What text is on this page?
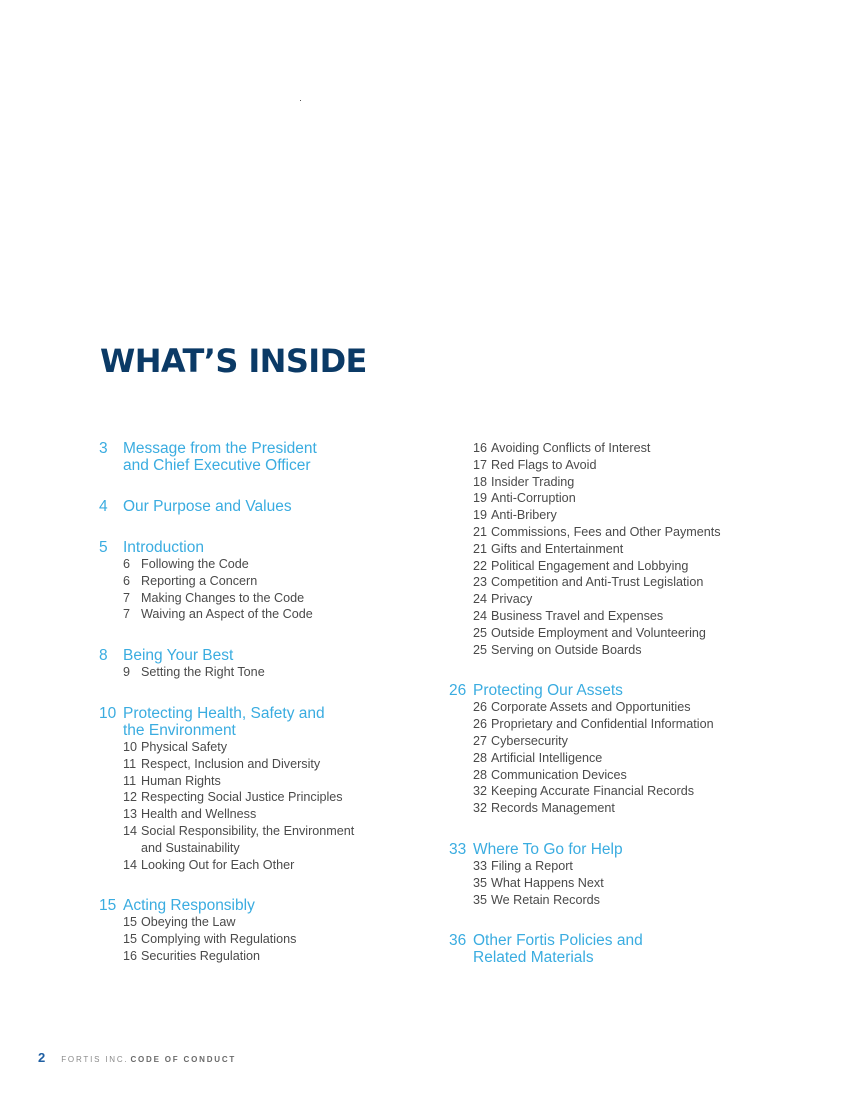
WHAT’S INSIDE
3 Message from the President
and Chief Executive Officer
4 Our Purpose and Values
5 Introduction
6 Following the Code
6 Reporting a Concern
7 Making Changes to the Code
7 Waiving an Aspect of the Code
8 Being Your Best
9 Setting the Right Tone
10 Protecting Health, Safety and
the Environment
10 Physical Safety
11 Respect, Inclusion and Diversity
11 Human Rights
12 Respecting Social Justice Principles
13 Health and Wellness
14 Social Responsibility, the Environment
and Sustainability
14 Looking Out for Each Other
15 Acting Responsibly
15 Obeying the Law
15 Complying with Regulations
16 Securities Regulation
16 Avoiding Conflicts of Interest
17 Red Flags to Avoid
18 Insider Trading
19 Anti-Corruption
19 Anti-Bribery
21 Commissions, Fees and Other Payments
21 Gifts and Entertainment
22 Political Engagement and Lobbying
23 Competition and Anti-Trust Legislation
24 Privacy
24 Business Travel and Expenses
25 Outside Employment and Volunteering
25 Serving on Outside Boards
26 Protecting Our Assets
26 Corporate Assets and Opportunities
26 Proprietary and Confidential Information
27 Cybersecurity
28 Artificial Intelligence
28 Communication Devices
32 Keeping Accurate Financial Records
32 Records Management
33 Where To Go for Help
33 Filing a Report
35 What Happens Next
35 We Retain Records
36 Other Fortis Policies and
Related Materials
2 FORTIS INC. CODE OF CONDUCT
